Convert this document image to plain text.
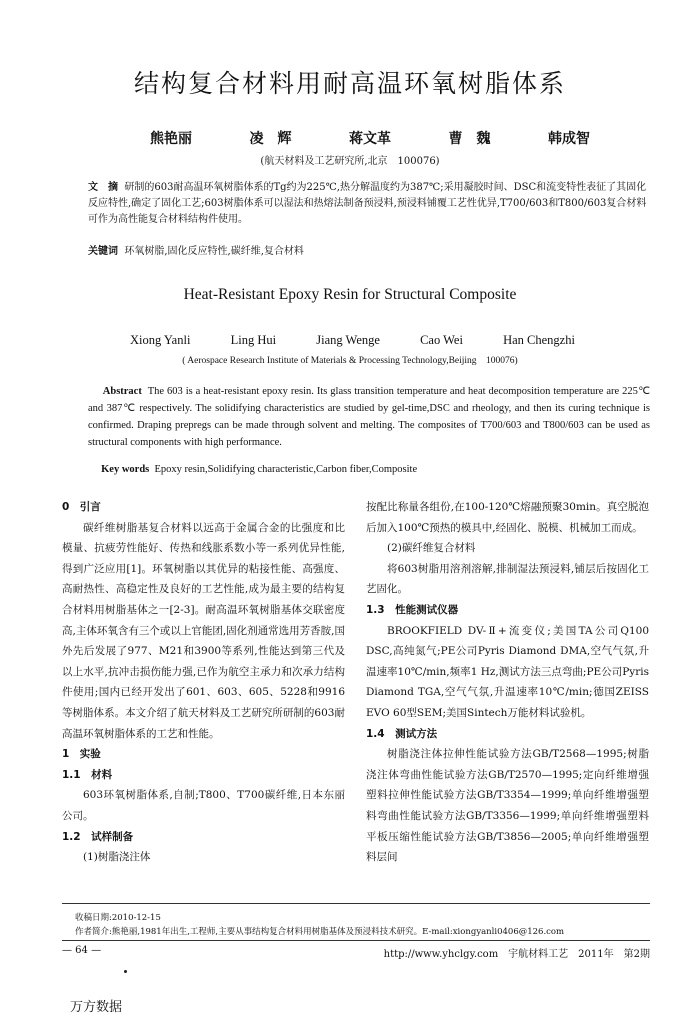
结构复合材料用耐高温环氧树脂体系
熊艳丽	凌　辉	蒋文革	曹　魏	韩成智
(航天材料及工艺研究所,北京　100076)
文　摘 研制的603耐高温环氧树脂体系的Tg约为225℃,热分解温度约为387℃;采用凝胶时间、DSC和流变特性表征了其固化反应特性,确定了固化工艺;603树脂体系可以湿法和热熔法制备预浸料,预浸料铺覆工艺性优异,T700/603和T800/603复合材料可作为高性能复合材料结构件使用。
关键词 环氧树脂,固化反应特性,碳纤维,复合材料
Heat-Resistant Epoxy Resin for Structural Composite
Xiong Yanli	Ling Hui	Jiang Wenge	Cao Wei	Han Chengzhi
( Aerospace Research Institute of Materials & Processing Technology,Beijing　100076)
Abstract The 603 is a heat-resistant epoxy resin. Its glass transition temperature and heat decomposition temperature are 225℃ and 387℃ respectively. The solidifying characteristics are studied by gel-time,DSC and rheology, and then its curing technique is confirmed. Draping prepregs can be made through solvent and melting. The composites of T700/603 and T800/603 can be used as structural components with high performance.
Key words Epoxy resin,Solidifying characteristic,Carbon fiber,Composite

0　引言

碳纤维树脂基复合材料以远高于金属合金的比强度和比模量、抗疲劳性能好、传热和线胀系数小等一系列优异性能,得到广泛应用[1]。环氧树脂以其优异的粘接性能、高强度、高耐热性、高稳定性及良好的工艺性能,成为最主要的结构复合材料用树脂基体之一[2-3]。耐高温环氧树脂基体交联密度高,主体环氧含有三个或以上官能团,固化剂通常选用芳香胺,国外先后发展了977、M21和3900等系列,性能达到第三代及以上水平,抗冲击损伤能力强,已作为航空主承力和次承力结构件使用;国内已经开发出了601、603、605、5228和9916等树脂体系。本文介绍了航天材料及工艺研究所研制的603耐高温环氧树脂体系的工艺和性能。

1　实验

1.1　材料

603环氧树脂体系,自制;T800、T700碳纤维,日本东丽公司。

1.2　试样制备

(1)树脂浇注体

按配比称量各组份,在100-120℃熔融预聚30min。真空脱泡后加入100℃预热的模具中,经固化、脱模、机械加工而成。

(2)碳纤维复合材料

将603树脂用溶剂溶解,排制湿法预浸料,铺层后按固化工艺固化。

1.3　性能测试仪器

BROOKFIELD DV-Ⅱ+流变仪;美国TA公司Q100 DSC,高纯氮气;PE公司Pyris Diamond DMA,空气气氛,升温速率10℃/min,频率1 Hz,测试方法三点弯曲;PE公司Pyris Diamond TGA,空气气氛,升温速率10℃/min;德国ZEISS EVO 60型SEM;美国Sintech万能材料试验机。

1.4　测试方法

树脂浇注体拉伸性能试验方法GB/T2568—1995;树脂浇注体弯曲性能试验方法GB/T2570—1995;定向纤维增强塑料拉伸性能试验方法GB/T3354—1999;单向纤维增强塑料弯曲性能试验方法GB/T3356—1999;单向纤维增强塑料平板压缩性能试验方法GB/T3856—2005;单向纤维增强塑料层间

收稿日期:2010-12-15
作者简介:熊艳丽,1981年出生,工程师,主要从事结构复合材料用树脂基体及预浸料技术研究。E-mail:xiongyanli0406@126.com
— 64 —	http://www.yhclgy.com　宇航材料工艺　2011年　第2期
万方数据
